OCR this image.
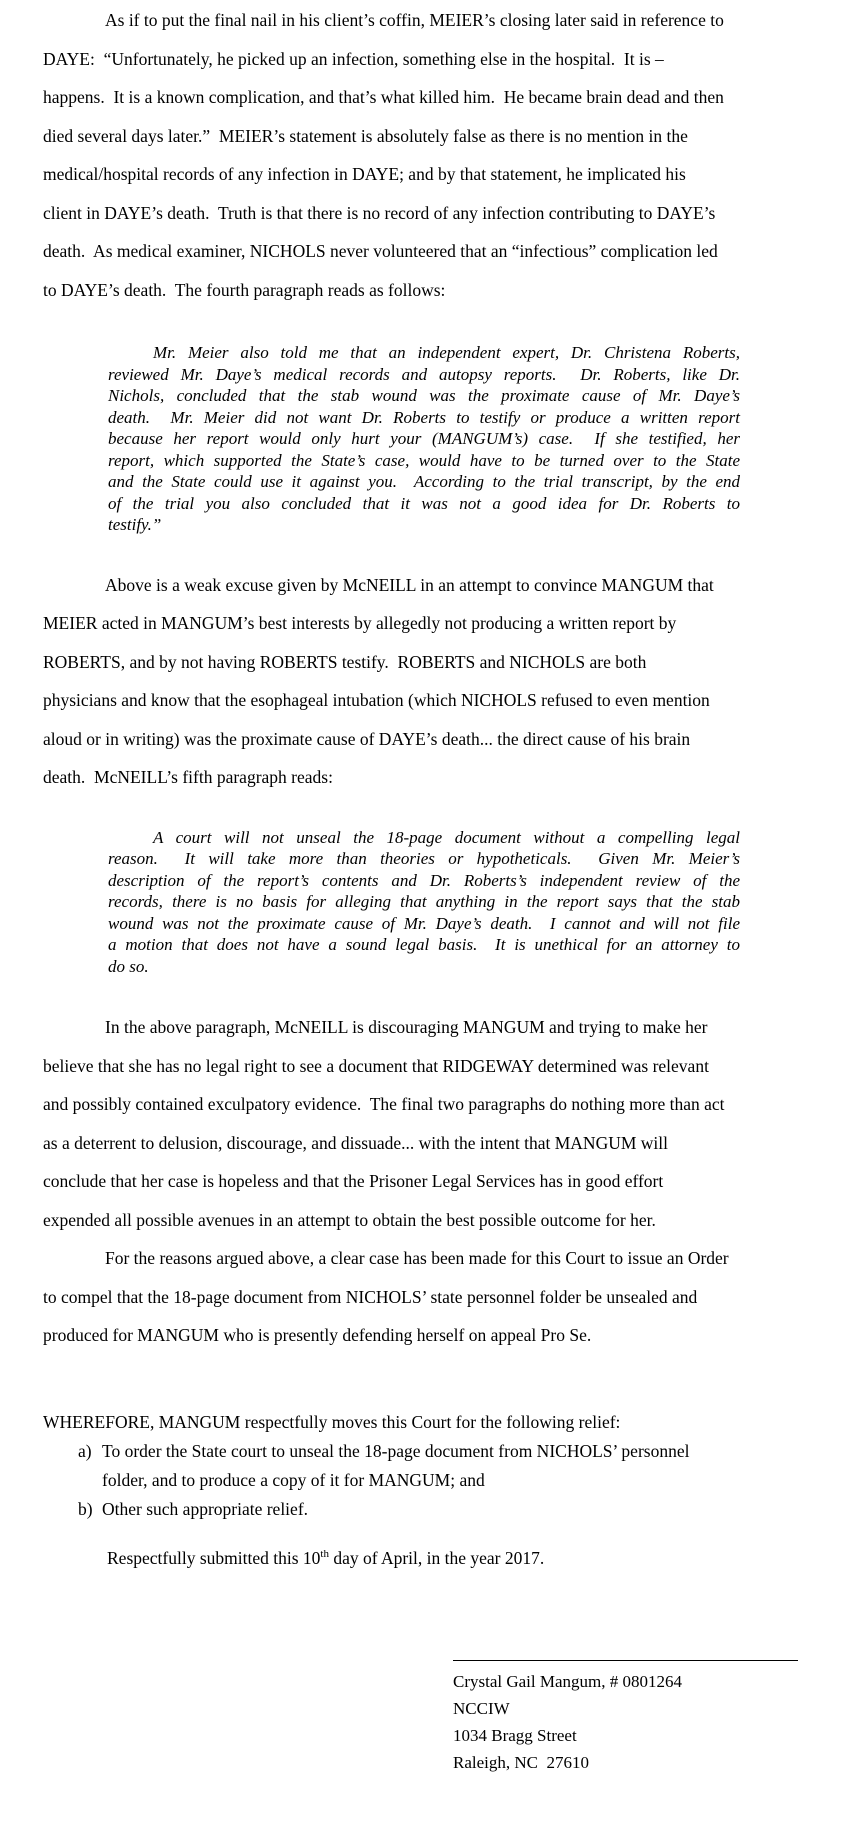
As if to put the final nail in his client’s coffin, MEIER’s closing later said in reference to
DAYE:  “Unfortunately, he picked up an infection, something else in the hospital.  It is –
happens.  It is a known complication, and that’s what killed him.  He became brain dead and then
died several days later.”  MEIER’s statement is absolutely false as there is no mention in the
medical/hospital records of any infection in DAYE; and by that statement, he implicated his
client in DAYE’s death.  Truth is that there is no record of any infection contributing to DAYE’s
death.  As medical examiner, NICHOLS never volunteered that an “infectious” complication led
to DAYE’s death.  The fourth paragraph reads as follows:
Mr. Meier also told me that an independent expert, Dr. Christena Roberts,
reviewed Mr. Daye’s medical records and autopsy reports.  Dr. Roberts, like Dr.
Nichols, concluded that the stab wound was the proximate cause of Mr. Daye’s
death.  Mr. Meier did not want Dr. Roberts to testify or produce a written report
because her report would only hurt your (MANGUM’s) case.  If she testified, her
report, which supported the State’s case, would have to be turned over to the State
and the State could use it against you.  According to the trial transcript, by the end
of the trial you also concluded that it was not a good idea for Dr. Roberts to
testify.”
Above is a weak excuse given by McNEILL in an attempt to convince MANGUM that
MEIER acted in MANGUM’s best interests by allegedly not producing a written report by
ROBERTS, and by not having ROBERTS testify.  ROBERTS and NICHOLS are both
physicians and know that the esophageal intubation (which NICHOLS refused to even mention
aloud or in writing) was the proximate cause of DAYE’s death... the direct cause of his brain
death.  McNEILL’s fifth paragraph reads:
A court will not unseal the 18-page document without a compelling legal
reason.  It will take more than theories or hypotheticals.  Given Mr. Meier’s
description of the report’s contents and Dr. Roberts’s independent review of the
records, there is no basis for alleging that anything in the report says that the stab
wound was not the proximate cause of Mr. Daye’s death.  I cannot and will not file
a motion that does not have a sound legal basis.  It is unethical for an attorney to
do so.
In the above paragraph, McNEILL is discouraging MANGUM and trying to make her
believe that she has no legal right to see a document that RIDGEWAY determined was relevant
and possibly contained exculpatory evidence.  The final two paragraphs do nothing more than act
as a deterrent to delusion, discourage, and dissuade... with the intent that MANGUM will
conclude that her case is hopeless and that the Prisoner Legal Services has in good effort
expended all possible avenues in an attempt to obtain the best possible outcome for her.
For the reasons argued above, a clear case has been made for this Court to issue an Order
to compel that the 18-page document from NICHOLS’ state personnel folder be unsealed and
produced for MANGUM who is presently defending herself on appeal Pro Se.
WHEREFORE, MANGUM respectfully moves this Court for the following relief:
a) To order the State court to unseal the 18-page document from NICHOLS’ personnel
folder, and to produce a copy of it for MANGUM; and
b) Other such appropriate relief.
Respectfully submitted this 10th day of April, in the year 2017.
Crystal Gail Mangum, # 0801264
NCCIW
1034 Bragg Street
Raleigh, NC  27610
